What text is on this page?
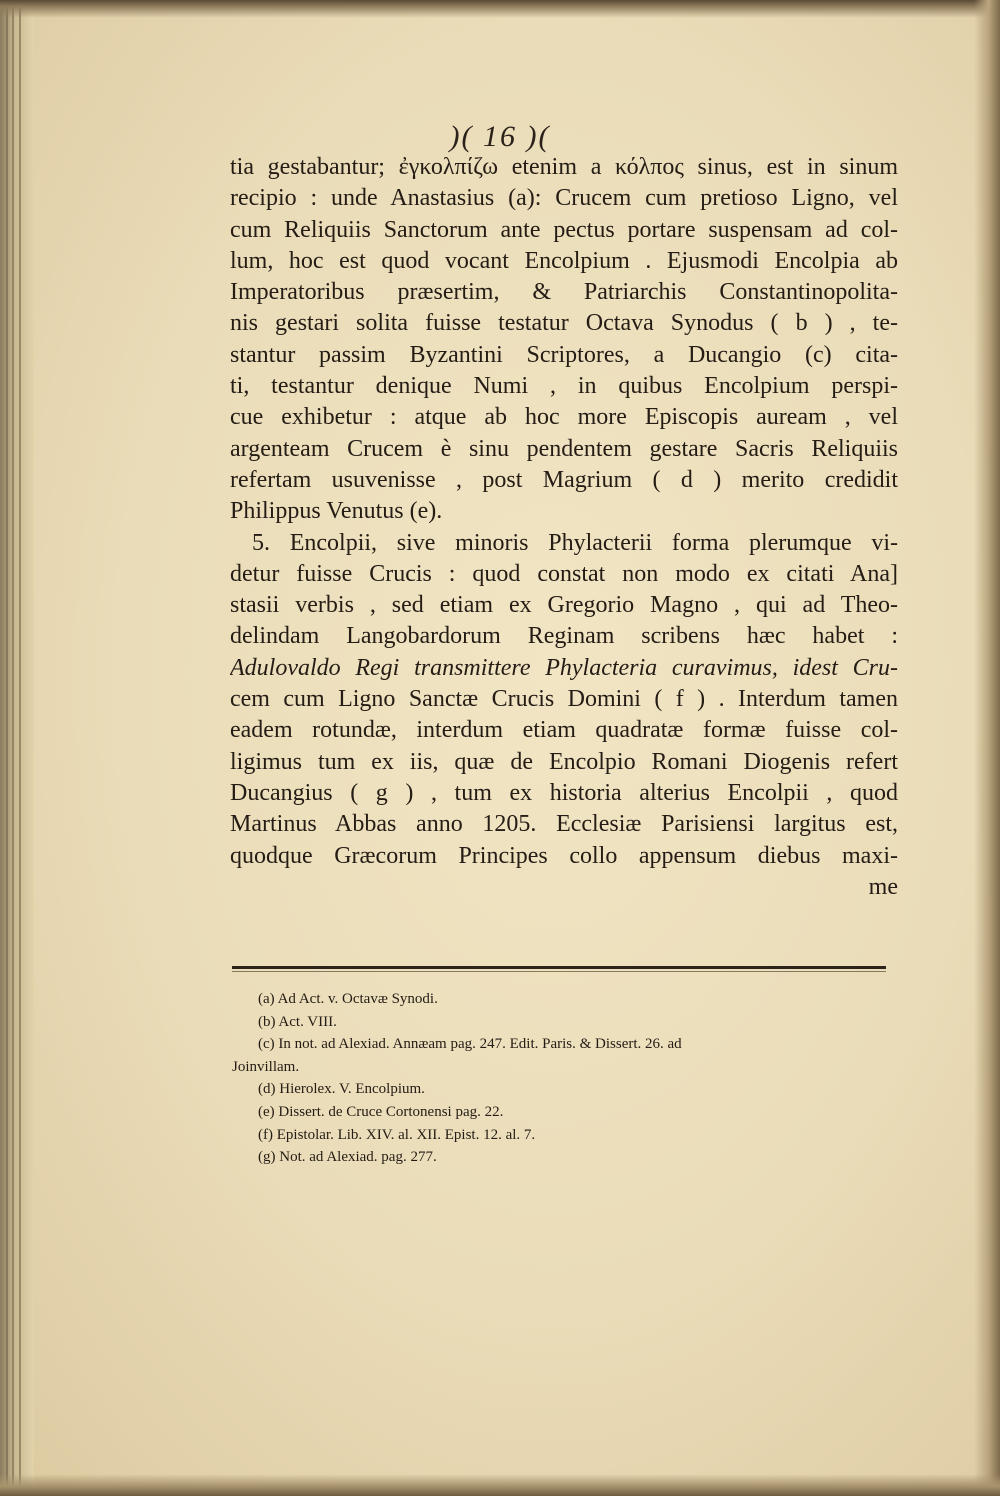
)( 16 )(
tia gestabantur; ἐγκολπίζω etenim a κόλπος sinus, est in sinum
recipio : unde Anastasius (a): Crucem cum pretioso Ligno, vel
cum Reliquiis Sanctorum ante pectus portare suspensam ad col-
lum, hoc est quod vocant Encolpium . Ejusmodi Encolpia ab
Imperatoribus præsertim, & Patriarchis Constantinopolita-
nis gestari solita fuisse testatur Octava Synodus ( b ) , te-
stantur passim Byzantini Scriptores, a Ducangio (c) cita-
ti, testantur denique Numi , in quibus Encolpium perspi-
cue exhibetur : atque ab hoc more Episcopis auream , vel
argenteam Crucem è sinu pendentem gestare Sacris Reliquiis
refertam usuvenisse , post Magrium ( d ) merito credidit
Philippus Venutus (e).
5. Encolpii, sive minoris Phylacterii forma plerumque vi-
detur fuisse Crucis : quod constat non modo ex citati Ana]
stasii verbis , sed etiam ex Gregorio Magno , qui ad Theo-
delindam Langobardorum Reginam scribens hæc habet :
Adulovaldo Regi transmittere Phylacteria curavimus, idest Cru-
cem cum Ligno Sanctæ Crucis Domini ( f ) . Interdum tamen
eadem rotundæ, interdum etiam quadratæ formæ fuisse col-
ligimus tum ex iis, quæ de Encolpio Romani Diogenis refert
Ducangius ( g ) , tum ex historia alterius Encolpii , quod
Martinus Abbas anno 1205. Ecclesiæ Parisiensi largitus est,
quodque Græcorum Principes collo appensum diebus maxi-
me
(a) Ad Act. v. Octavæ Synodi.
(b) Act. VIII.
(c) In not. ad Alexiad. Annæam pag. 247. Edit. Paris. & Dissert. 26. ad
Joinvillam.
(d) Hierolex. V. Encolpium.
(e) Dissert. de Cruce Cortonensi pag. 22.
(f) Epistolar. Lib. XIV. al. XII. Epist. 12. al. 7.
(g) Not. ad Alexiad. pag. 277.
